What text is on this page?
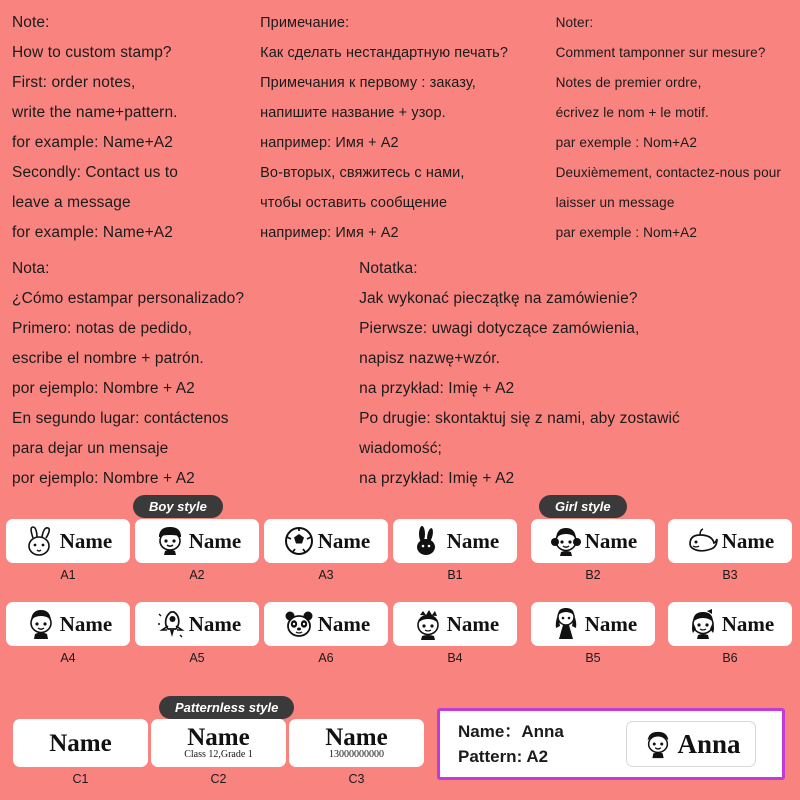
Note:
How to custom stamp?
First: order notes,
write the name+pattern.
for example: Name+A2
Secondly: Contact us to
leave a message
for example: Name+A2
Примечание:
Как сделать нестандартную печать?
Примечания к первому : заказу,
напишите название + узор.
например: Имя + A2
Во-вторых, свяжитесь с нами,
чтобы оставить сообщение
например: Имя + A2
Noter:
Comment tamponner sur mesure?
Notes de premier ordre,
écrivez le nom + le motif.
par exemple : Nom+A2
Deuxièmement, contactez-nous pour
laisser un message
par exemple : Nom+A2
Nota:
¿Cómo estampar personalizado?
Primero: notas de pedido,
escribe el nombre + patrón.
por ejemplo: Nombre + A2
En segundo lugar: contáctenos
para dejar un mensaje
por ejemplo: Nombre + A2
Notatka:
Jak wykonać pieczątkę na zamówienie?
Pierwsze: uwagi dotyczące zamówienia,
napisz nazwę+wzór.
na przykład: Imię + A2
Po drugie: skontaktuj się z nami, aby zostawić
wiadomość;
na przykład: Imię + A2
Boy style	Girl style
Patternless style
Name
A1
Name
A2
Name
A3
Name
B1
Name
B2
Name
B3
Name
A4
Name
A5
Name
A6
Name
B4
Name
B5
Name
B6
Name
C1
Name
Class 12,Grade 1
C2
Name
13000000000
C3
Name：Anna
Pattern: A2	Anna
